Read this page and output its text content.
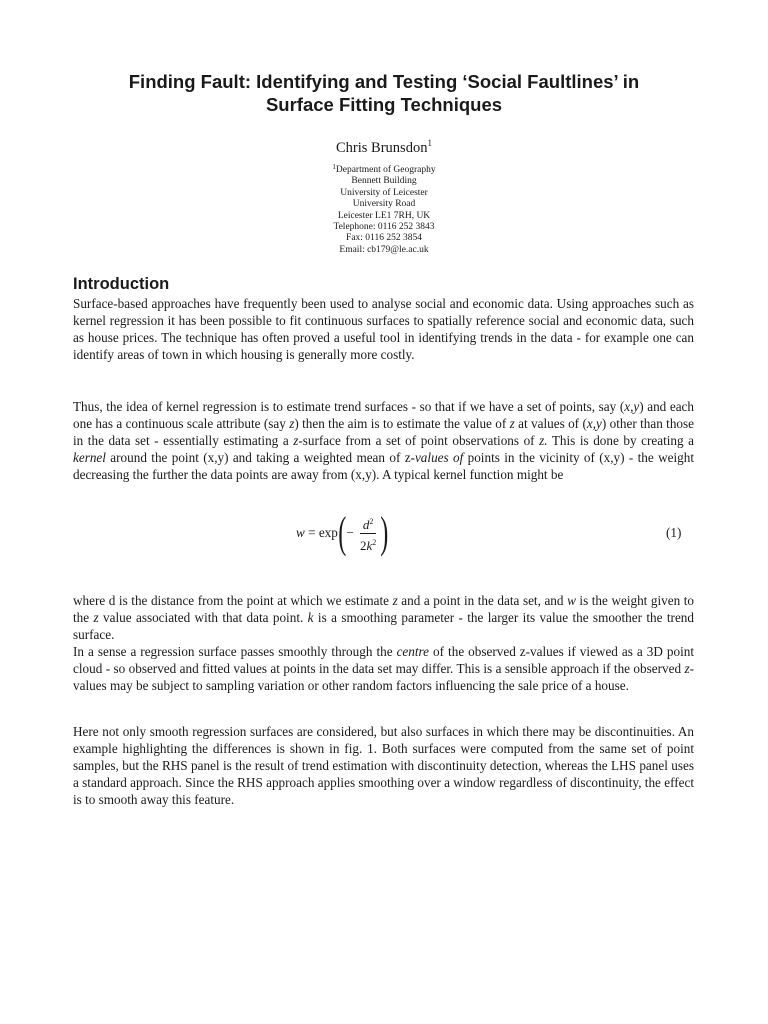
Finding Fault: Identifying and Testing ‘Social Faultlines’ in
Surface Fitting Techniques
Chris Brunsdon$^1$
$^1$Department of Geography
Bennett Building
University of Leicester
University Road
Leicester LE1 7RH, UK
Telephone: 0116 252 3843
Fax: 0116 252 3854
Email: cb179@le.ac.uk
Introduction

Surface-based approaches have frequently been used to analyse social and economic data. Using approaches such as kernel regression it has been possible to fit continuous surfaces to spatially reference social and economic data, such as house prices. The technique has often proved a useful tool in identifying trends in the data - for example one can identify areas of town in which housing is generally more costly.

Thus, the idea of kernel regression is to estimate trend surfaces - so that if we have a set of points, say (x,y) and each one has a continuous scale attribute (say z) then the aim is to estimate the value of z at values of (x,y) other than those in the data set - essentially estimating a z-surface from a set of point observations of z. This is done by creating a kernel around the point (x,y) and taking a weighted mean of z-values of points in the vicinity of (x,y) - the weight decreasing the further the data points are away from (x,y). A typical kernel function might be

w = exp ( − $\frac{d^2}{2k^2}$ )	(1)

where d is the distance from the point at which we estimate z and a point in the data set, and w is the weight given to the z value associated with that data point. k is a smoothing parameter - the larger its value the smoother the trend surface.

In a sense a regression surface passes smoothly through the centre of the observed z-values if viewed as a 3D point cloud - so observed and fitted values at points in the data set may differ. This is a sensible approach if the observed z-values may be subject to sampling variation or other random factors influencing the sale price of a house.

Here not only smooth regression surfaces are considered, but also surfaces in which there may be discontinuities. An example highlighting the differences is shown in fig. 1. Both surfaces were computed from the same set of point samples, but the RHS panel is the result of trend estimation with discontinuity detection, whereas the LHS panel uses a standard approach. Since the RHS approach applies smoothing over a window regardless of discontinuity, the effect is to smooth away this feature.
